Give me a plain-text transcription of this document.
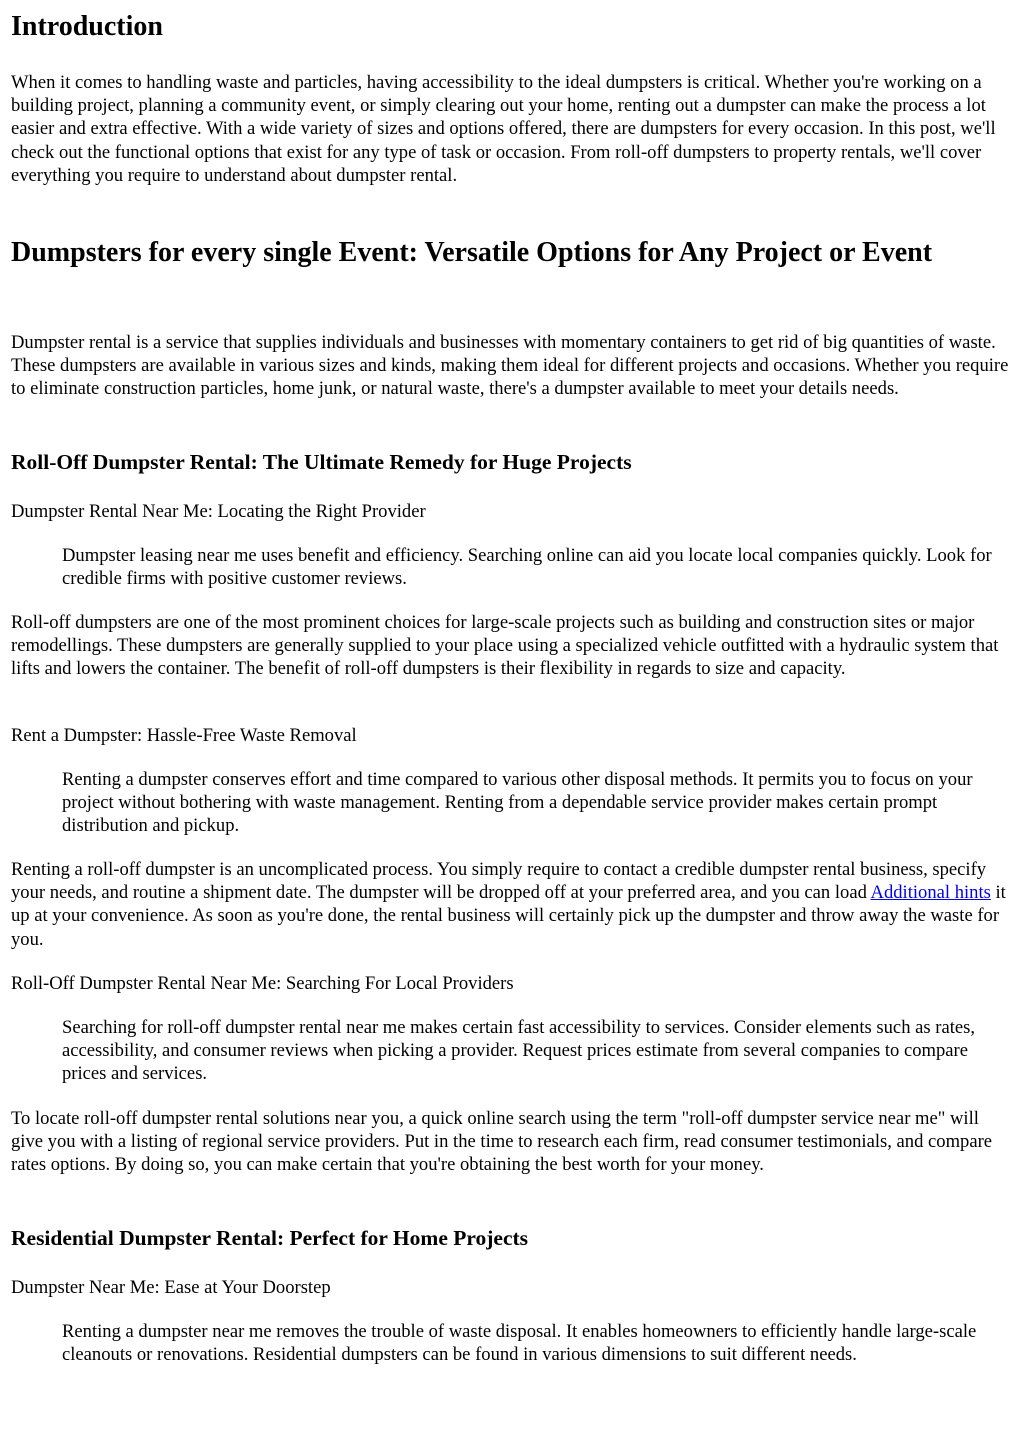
Introduction

When it comes to handling waste and particles, having accessibility to the ideal dumpsters is critical. Whether you're working on a building project, planning a community event, or simply clearing out your home, renting out a dumpster can make the process a lot easier and extra effective. With a wide variety of sizes and options offered, there are dumpsters for every occasion. In this post, we'll check out the functional options that exist for any type of task or occasion. From roll-off dumpsters to property rentals, we'll cover everything you require to understand about dumpster rental.

Dumpsters for every single Event: Versatile Options for Any Project or Event

Dumpster rental is a service that supplies individuals and businesses with momentary containers to get rid of big quantities of waste. These dumpsters are available in various sizes and kinds, making them ideal for different projects and occasions. Whether you require to eliminate construction particles, home junk, or natural waste, there's a dumpster available to meet your details needs.

Roll-Off Dumpster Rental: The Ultimate Remedy for Huge Projects

Dumpster Rental Near Me: Locating the Right Provider

Dumpster leasing near me uses benefit and efficiency. Searching online can aid you locate local companies quickly. Look for credible firms with positive customer reviews.

Roll-off dumpsters are one of the most prominent choices for large-scale projects such as building and construction sites or major remodellings. These dumpsters are generally supplied to your place using a specialized vehicle outfitted with a hydraulic system that lifts and lowers the container. The benefit of roll-off dumpsters is their flexibility in regards to size and capacity.

Rent a Dumpster: Hassle-Free Waste Removal

Renting a dumpster conserves effort and time compared to various other disposal methods. It permits you to focus on your project without bothering with waste management. Renting from a dependable service provider makes certain prompt distribution and pickup.

Renting a roll-off dumpster is an uncomplicated process. You simply require to contact a credible dumpster rental business, specify your needs, and routine a shipment date. The dumpster will be dropped off at your preferred area, and you can load Additional hints it up at your convenience. As soon as you're done, the rental business will certainly pick up the dumpster and throw away the waste for you.

Roll-Off Dumpster Rental Near Me: Searching For Local Providers

Searching for roll-off dumpster rental near me makes certain fast accessibility to services. Consider elements such as rates, accessibility, and consumer reviews when picking a provider. Request prices estimate from several companies to compare prices and services.

To locate roll-off dumpster rental solutions near you, a quick online search using the term "roll-off dumpster service near me" will give you with a listing of regional service providers. Put in the time to research each firm, read consumer testimonials, and compare rates options. By doing so, you can make certain that you're obtaining the best worth for your money.

Residential Dumpster Rental: Perfect for Home Projects

Dumpster Near Me: Ease at Your Doorstep

Renting a dumpster near me removes the trouble of waste disposal. It enables homeowners to efficiently handle large-scale cleanouts or renovations. Residential dumpsters can be found in various dimensions to suit different needs.
